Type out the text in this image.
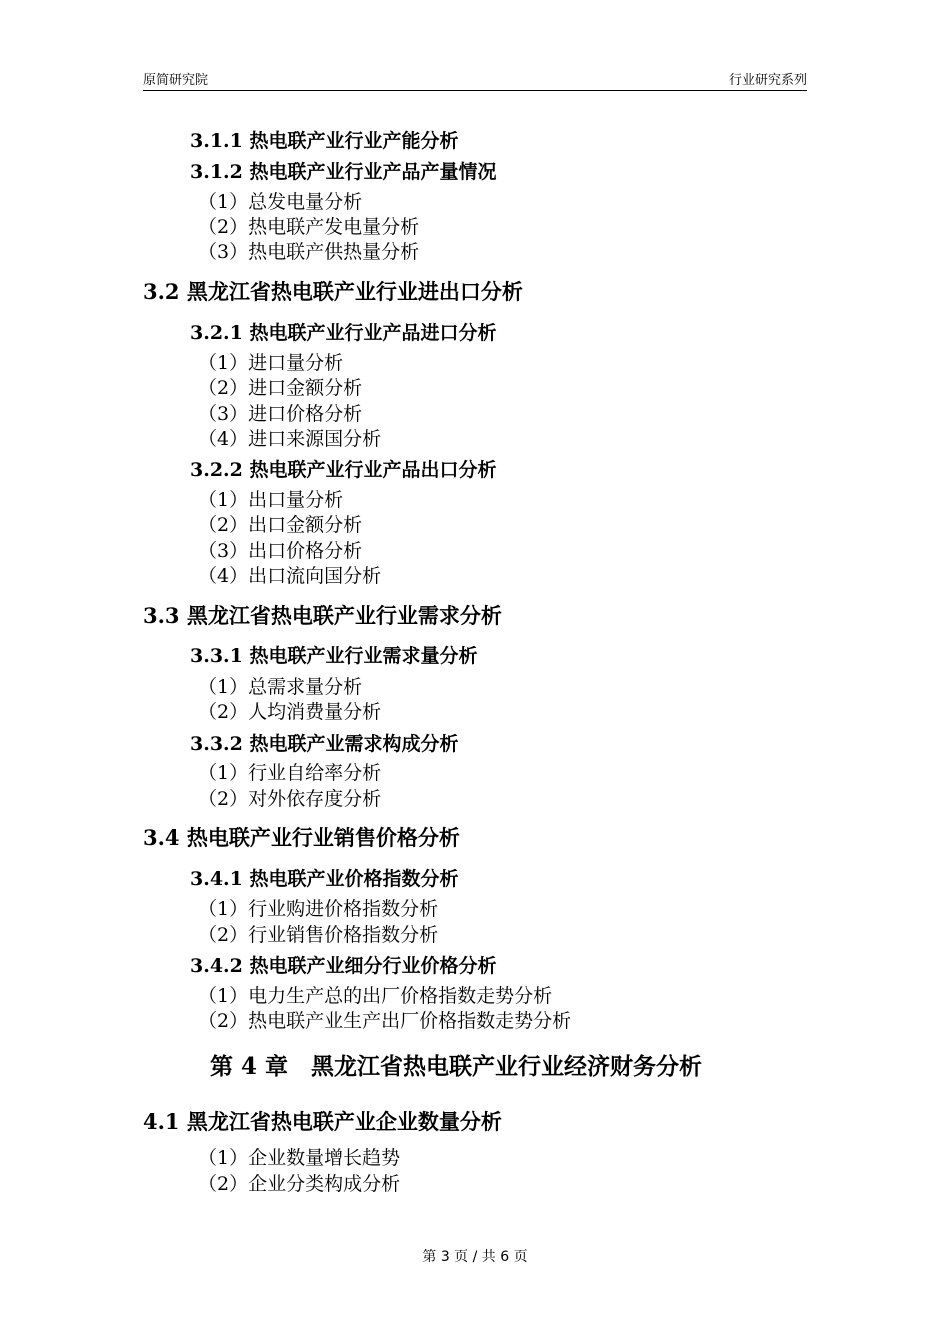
原简研究院	行业研究系列
3.1.1 热电联产业行业产能分析
3.1.2 热电联产业行业产品产量情况
（1）总发电量分析
（2）热电联产发电量分析
（3）热电联产供热量分析
3.2 黑龙江省热电联产业行业进出口分析
3.2.1 热电联产业行业产品进口分析
（1）进口量分析
（2）进口金额分析
（3）进口价格分析
（4）进口来源国分析
3.2.2 热电联产业行业产品出口分析
（1）出口量分析
（2）出口金额分析
（3）出口价格分析
（4）出口流向国分析
3.3 黑龙江省热电联产业行业需求分析
3.3.1 热电联产业行业需求量分析
（1）总需求量分析
（2）人均消费量分析
3.3.2 热电联产业需求构成分析
（1）行业自给率分析
（2）对外依存度分析
3.4 热电联产业行业销售价格分析
3.4.1 热电联产业价格指数分析
（1）行业购进价格指数分析
（2）行业销售价格指数分析
3.4.2 热电联产业细分行业价格分析
（1）电力生产总的出厂价格指数走势分析
（2）热电联产业生产出厂价格指数走势分析
第 4 章　黑龙江省热电联产业行业经济财务分析
4.1 黑龙江省热电联产业企业数量分析
（1）企业数量增长趋势
（2）企业分类构成分析
第 3 页 / 共 6 页
